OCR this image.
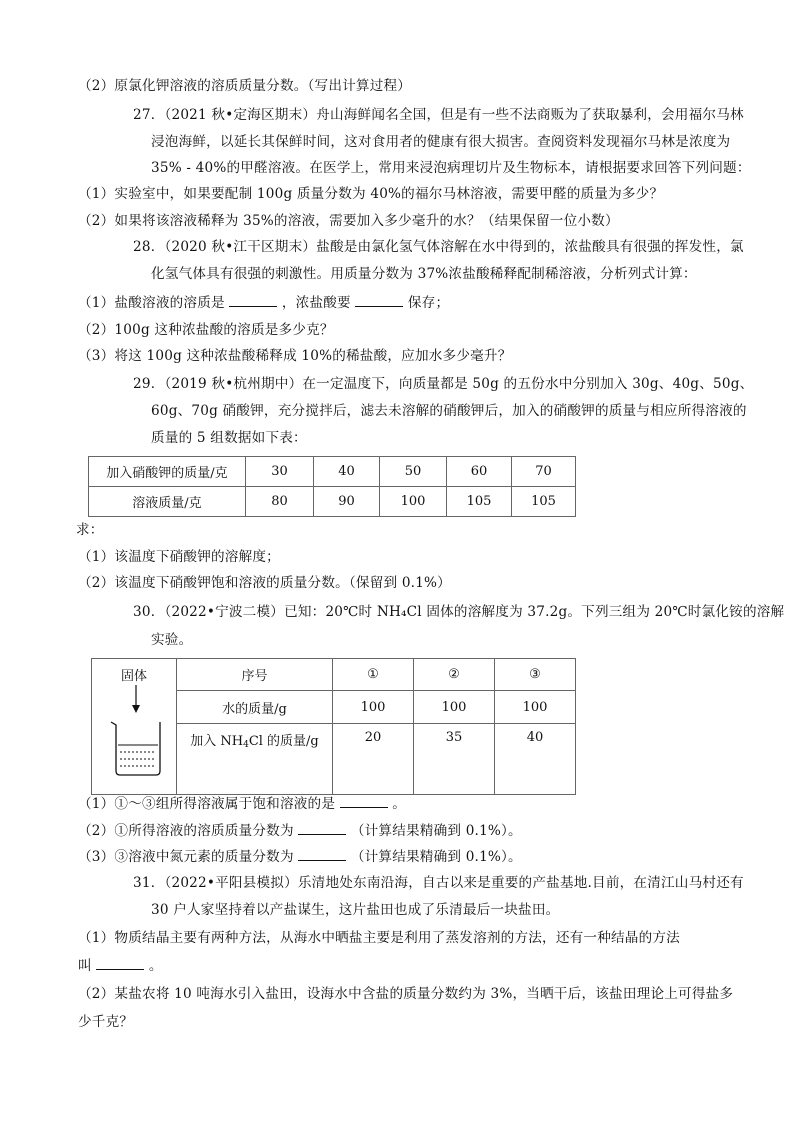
（2）原氯化钾溶液的溶质质量分数。（写出计算过程）
27．（2021 秋•定海区期末）舟山海鲜闻名全国，但是有一些不法商贩为了获取暴利，会用福尔马林
浸泡海鲜，以延长其保鲜时间，这对食用者的健康有很大损害。查阅资料发现福尔马林是浓度为
35% - 40%的甲醛溶液。在医学上，常用来浸泡病理切片及生物标本，请根据要求回答下列问题：
（1）实验室中，如果要配制 100g 质量分数为 40%的福尔马林溶液，需要甲醛的质量为多少？
（2）如果将该溶液稀释为 35%的溶液，需要加入多少毫升的水？（结果保留一位小数）
28．（2020 秋•江干区期末）盐酸是由氯化氢气体溶解在水中得到的，浓盐酸具有很强的挥发性，氯
化氢气体具有很强的刺激性。用质量分数为 37%浓盐酸稀释配制稀溶液，分析列式计算：
（1）盐酸溶液的溶质是	，浓盐酸要	保存；
（2）100g 这种浓盐酸的溶质是多少克？
（3）将这 100g 这种浓盐酸稀释成 10%的稀盐酸，应加水多少毫升？
29．（2019 秋•杭州期中）在一定温度下，向质量都是 50g 的五份水中分别加入 30g、40g、50g、
60g、70g 硝酸钾，充分搅拌后，滤去未溶解的硝酸钾后，加入的硝酸钾的质量与相应所得溶液的
质量的 5 组数据如下表：
加入硝酸钾的质量/克	30	40	50	60	70
溶液质量/克	80	90	100	105	105
求：
（1）该温度下硝酸钾的溶解度；
（2）该温度下硝酸钾饱和溶液的质量分数。（保留到 0.1%）
30．（2022•宁波二模）已知：20℃时 NH₄Cl 固体的溶解度为 37.2g。下列三组为 20℃时氯化铵的溶解
实验。
固体	序号	①	②	③
	水的质量/g	100	100	100
	加入 $NH_4Cl$ 的质量/g	20	35	40
（1）①～③组所得溶液属于饱和溶液的是	。
（2）①所得溶液的溶质质量分数为	（计算结果精确到 0.1%）。
（3）③溶液中氮元素的质量分数为	（计算结果精确到 0.1%）。
31．（2022•平阳县模拟）乐清地处东南沿海，自古以来是重要的产盐基地.目前，在清江山马村还有
30 户人家坚持着以产盐谋生，这片盐田也成了乐清最后一块盐田。
（1）物质结晶主要有两种方法，从海水中晒盐主要是利用了蒸发溶剂的方法，还有一种结晶的方法
叫	。
（2）某盐农将 10 吨海水引入盐田，设海水中含盐的质量分数约为 3%，当晒干后，该盐田理论上可得盐多
少千克？
